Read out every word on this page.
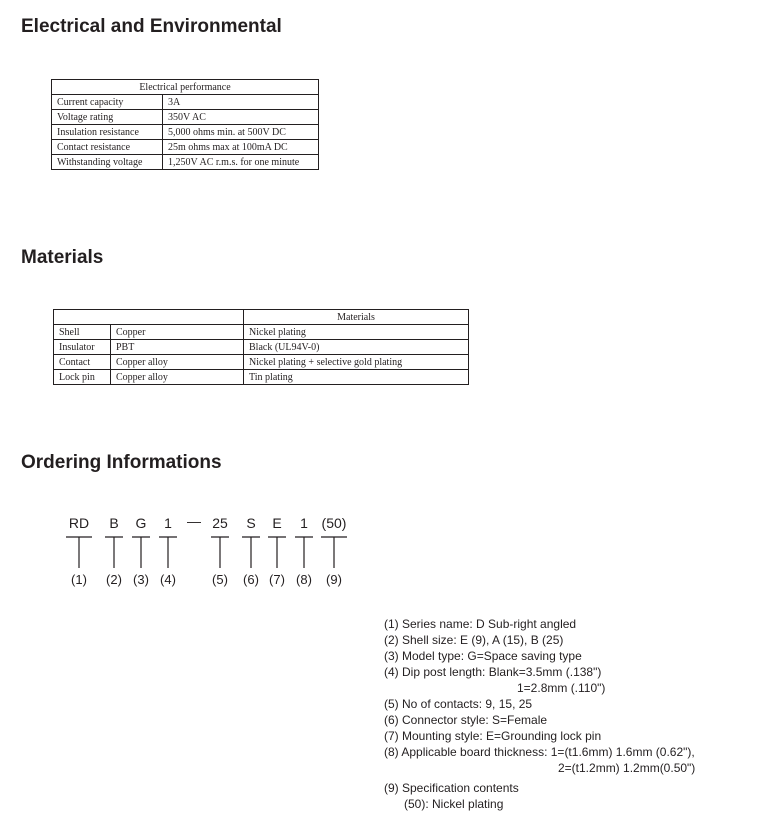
Electrical and Environmental
Electrical performance	
Current capacity	3A
Voltage rating	350V AC
Insulation resistance	5,000 ohms min. at 500V DC
Contact resistance	25m ohms max at 100mA DC
Withstanding voltage	1,250V AC r.m.s. for one minute
Materials
		Materials
Shell	Copper	Nickel plating
Insulator	PBT	Black (UL94V-0)
Contact	Copper alloy	Nickel plating + selective gold plating
Lock pin	Copper alloy	Tin plating
Ordering Informations
RD B G 1 — 25 S E 1 (50)
(1) (2) (3) (4)	(5) (6) (7) (8) (9)
(1) Series name: D Sub-right angled
(2) Shell size: E (9), A (15), B (25)
(3) Model type: G=Space saving type
(4) Dip post length: Blank=3.5mm (.138")
1=2.8mm (.110")
(5) No of contacts: 9, 15, 25
(6) Connector style: S=Female
(7) Mounting style: E=Grounding lock pin
(8) Applicable board thickness: 1=(t1.6mm) 1.6mm (0.62"),
2=(t1.2mm) 1.2mm(0.50")
(9) Specification contents
(50): Nickel plating
